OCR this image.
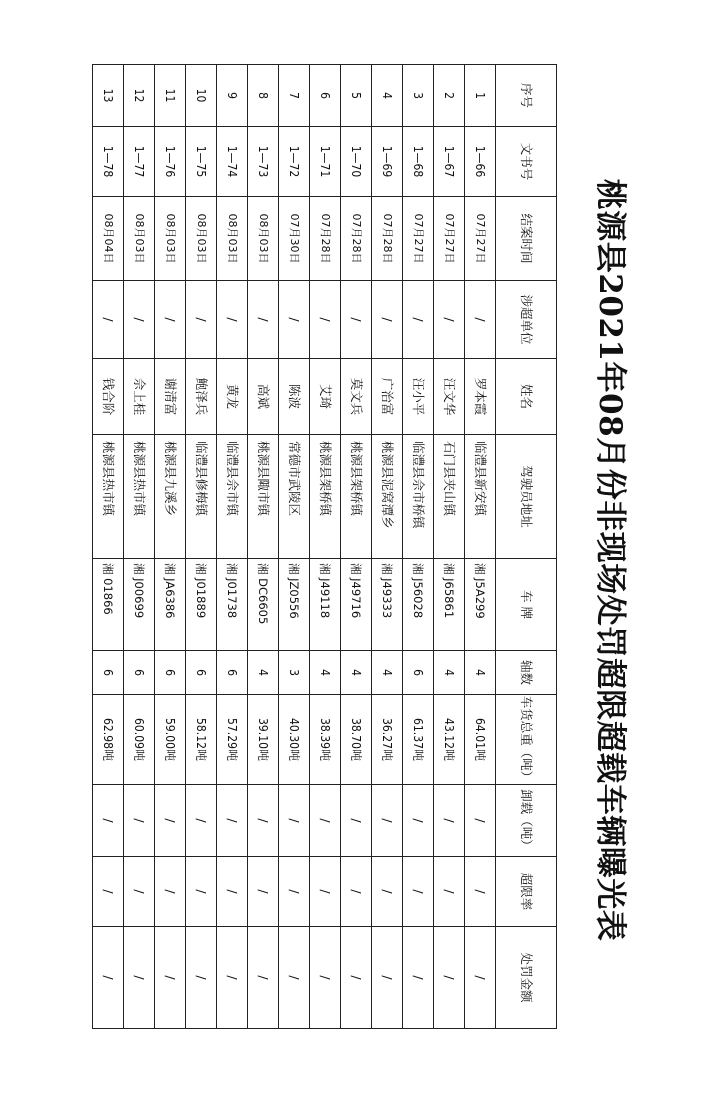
桃源县2021年08月份非现场处罚超限超载车辆曝光表
序号	文书号	结案时间	涉超单位	姓名	驾驶员地址	车 牌	轴数	车货总重（吨）	卸载（吨）	超限率	处罚金额
1	1—66	07月27日	/	罗本霞	临澧县新安镇	湘 J5A299	4	64.01吨	/	/	/
2	1—67	07月27日	/	汪文华	石门县夹山镇	湘 J65861	4	43.12吨	/	/	/
3	1—68	07月27日	/	汪小平	临澧县佘市桥镇	湘 J56028	6	61.37吨	/	/	/
4	1—69	07月28日	/	广治富	桃源县泥窝潭乡	湘 J49333	4	36.27吨	/	/	/
5	1—70	07月28日	/	莫文兵	桃源县架桥镇	湘 J49716	4	38.70吨	/	/	/
6	1—71	07月28日	/	艾琦	桃源县架桥镇	湘 J49118	4	38.39吨	/	/	/
7	1—72	07月30日	/	陈波	常德市武陵区	湘 JZ0556	3	40.30吨	/	/	/
8	1—73	08月03日	/	高斌	桃源县陬市镇	湘 DC6605	4	39.10吨	/	/	/
9	1—74	08月03日	/	黄龙	临澧县佘市镇	湘 J01738	6	57.29吨	/	/	/
10	1—75	08月03日	/	鲍泽兵	临澧县修梅镇	湘 J01889	6	58.12吨	/	/	/
11	1—76	08月03日	/	谢清富	桃源县九溪乡	湘 JA6386	6	59.00吨	/	/	/
12	1—77	08月03日	/	佘上桂	桃源县热市镇	湘 J00699	6	60.09吨	/	/	/
13	1—78	08月04日	/	钱合阶	桃源县热市镇	湘 01866	6	62.98吨	/	/	/
